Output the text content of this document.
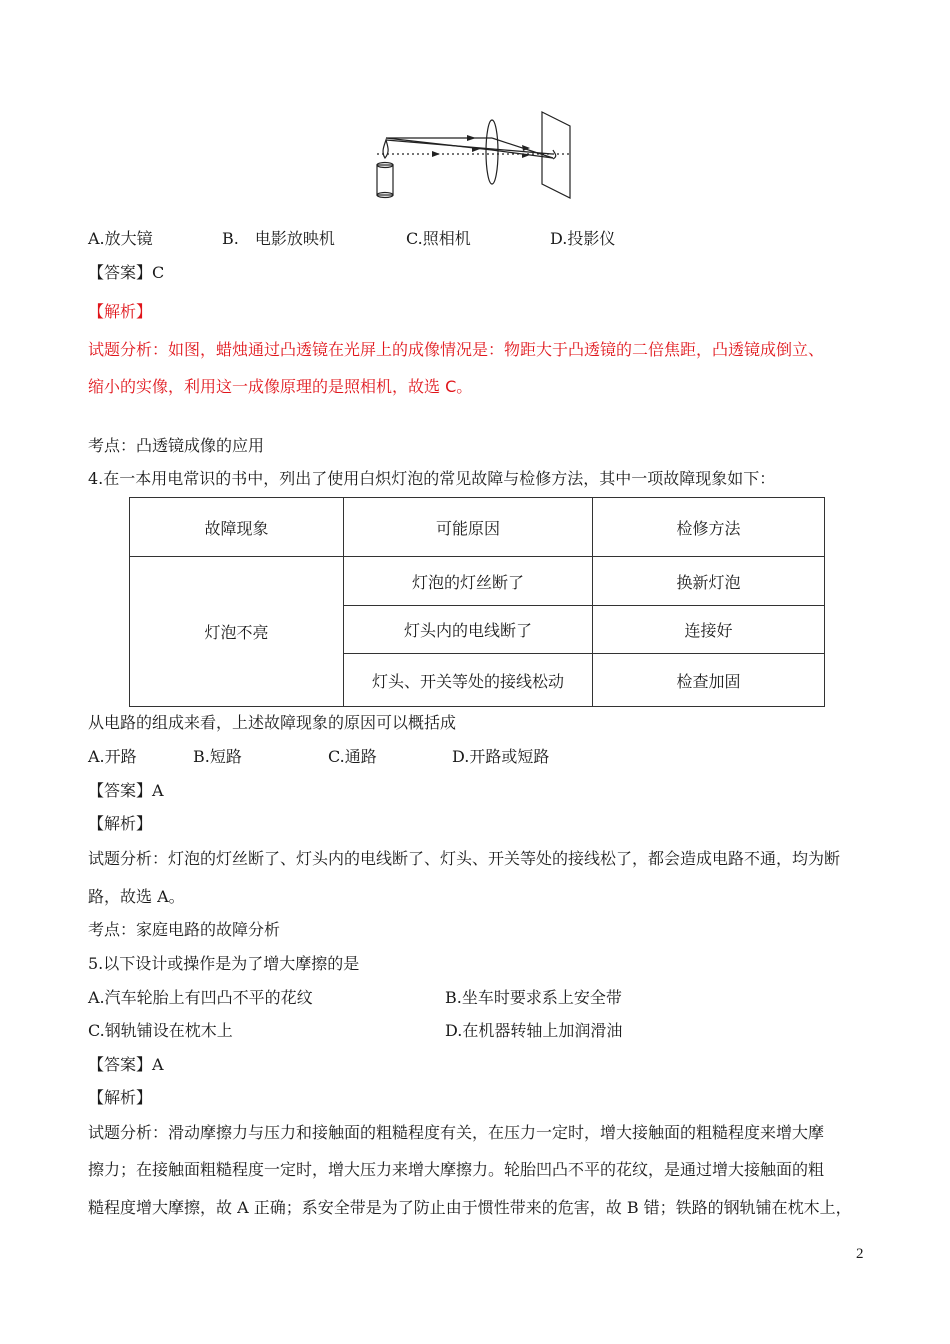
A.放大镜	B.　电影放映机	C.照相机	D.投影仪
【答案】C
【解析】
试题分析：如图，蜡烛通过凸透镜在光屏上的成像情况是：物距大于凸透镜的二倍焦距，凸透镜成倒立、
缩小的实像，利用这一成像原理的是照相机，故选 C。
考点：凸透镜成像的应用
4.在一本用电常识的书中，列出了使用白炽灯泡的常见故障与检修方法，其中一项故障现象如下：
故障现象	可能原因	检修方法
灯泡不亮	灯泡的灯丝断了	换新灯泡
	灯头内的电线断了	连接好
	灯头、开关等处的接线松动	检查加固
从电路的组成来看，上述故障现象的原因可以概括成
A.开路	B.短路	C.通路	D.开路或短路
【答案】A
【解析】
试题分析：灯泡的灯丝断了、灯头内的电线断了、灯头、开关等处的接线松了，都会造成电路不通，均为断
路，故选 A。
考点：家庭电路的故障分析
5.以下设计或操作是为了增大摩擦的是
A.汽车轮胎上有凹凸不平的花纹	B.坐车时要求系上安全带
C.钢轨铺设在枕木上	D.在机器转轴上加润滑油
【答案】A
【解析】
试题分析：滑动摩擦力与压力和接触面的粗糙程度有关，在压力一定时，增大接触面的粗糙程度来增大摩
擦力；在接触面粗糙程度一定时，增大压力来增大摩擦力。轮胎凹凸不平的花纹，是通过增大接触面的粗
糙程度增大摩擦，故 A 正确；系安全带是为了防止由于惯性带来的危害，故 B 错；铁路的钢轨铺在枕木上，
2
